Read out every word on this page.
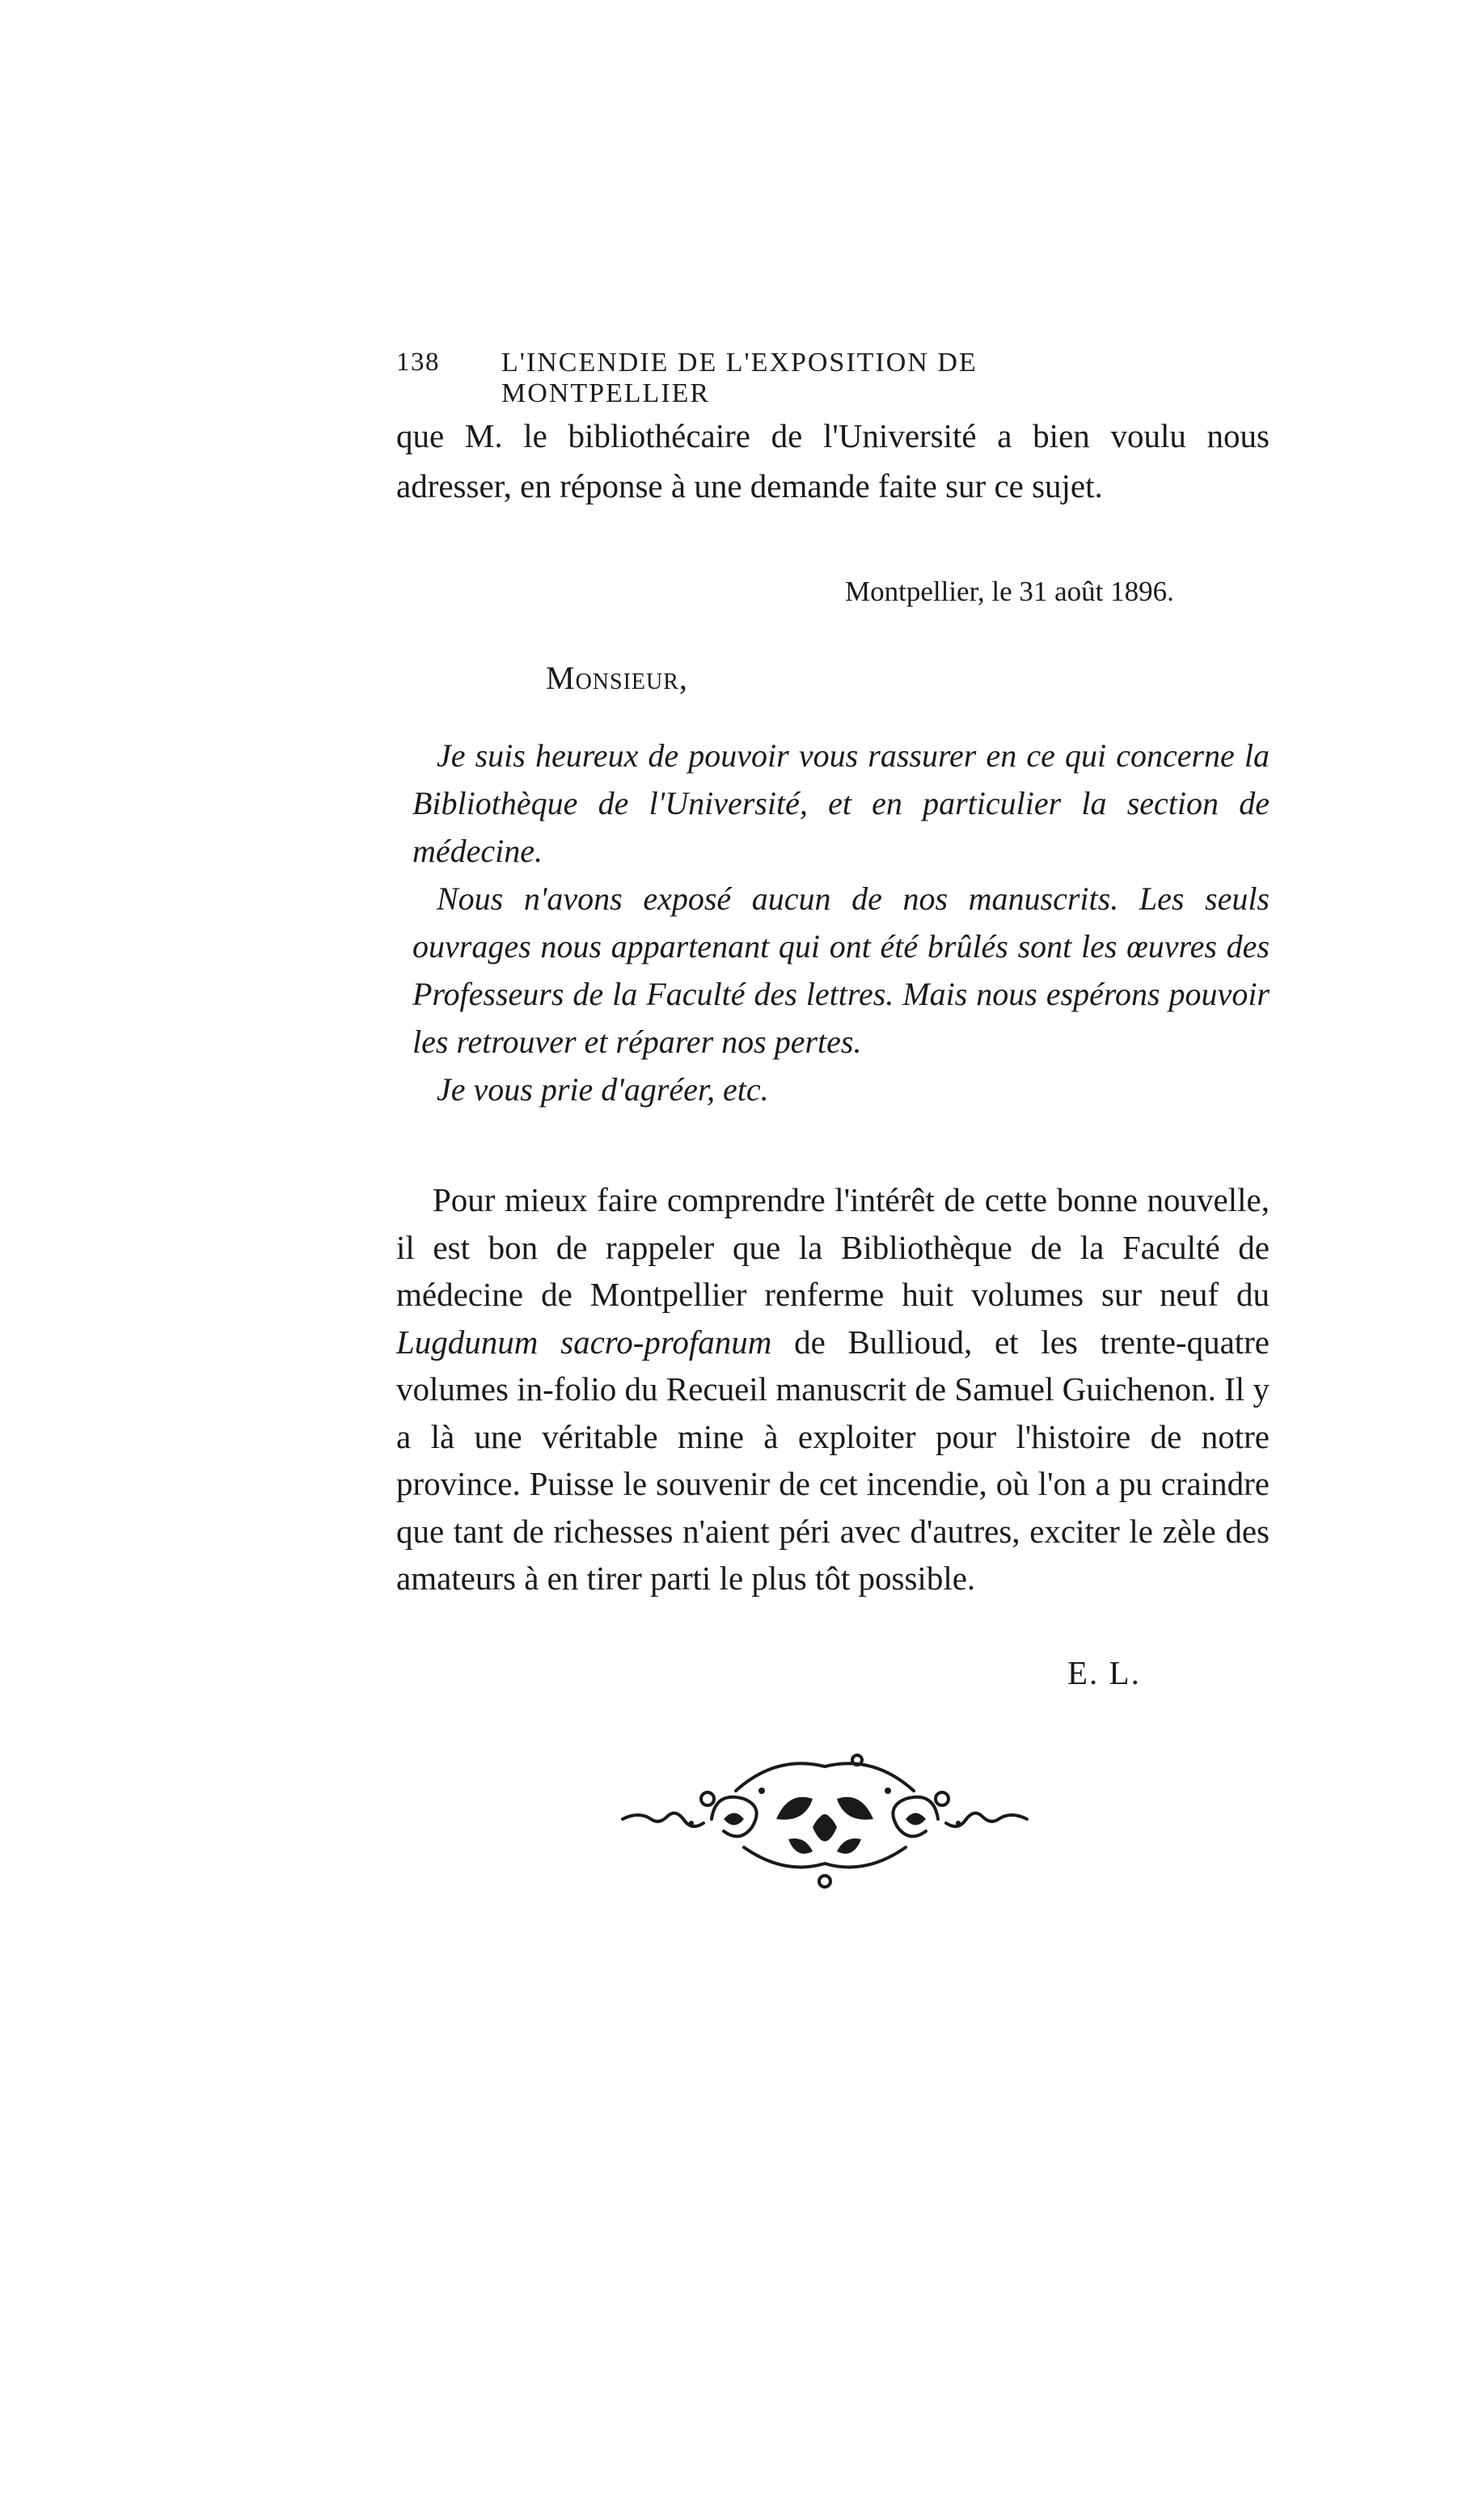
138 L'INCENDIE DE L'EXPOSITION DE MONTPELLIER

que M. le bibliothécaire de l'Université a bien voulu nous

adresser, en réponse à une demande faite sur ce sujet.

Montpellier, le 31 août 1896.
Monsieur,

Je suis heureux de pouvoir vous rassurer en ce qui concerne la Bibliothèque de l'Université, et en particulier la section de médecine.

Nous n'avons exposé aucun de nos manuscrits. Les seuls ouvrages nous appartenant qui ont été brûlés sont les œuvres des Professeurs de la Faculté des lettres. Mais nous espérons pouvoir les retrouver et réparer nos pertes.

Je vous prie d'agréer, etc.

Pour mieux faire comprendre l'intérêt de cette bonne nouvelle, il est bon de rappeler que la Bibliothèque de la Faculté de médecine de Montpellier renferme huit volumes sur neuf du Lugdunum sacro-profanum de Bullioud, et les trente-quatre volumes in-folio du Recueil manuscrit de Samuel Guichenon. Il y a là une véritable mine à exploiter pour l'histoire de notre province. Puisse le souvenir de cet incendie, où l'on a pu craindre que tant de richesses n'aient péri avec d'autres, exciter le zèle des amateurs à en tirer parti le plus tôt possible.

E. L.
